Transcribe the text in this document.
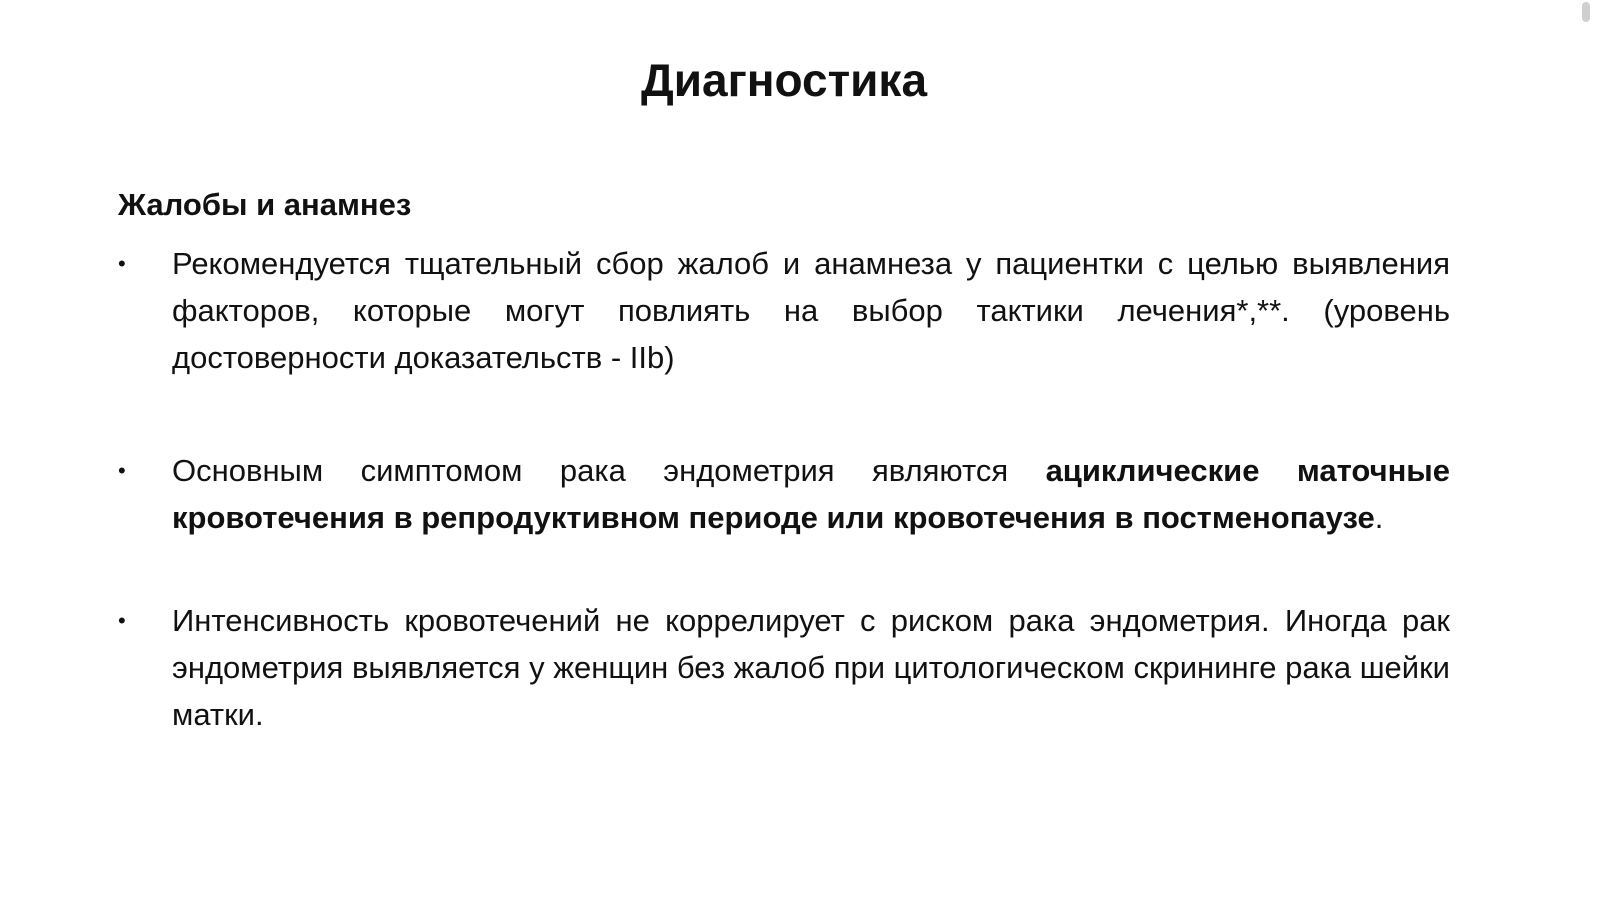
Диагностика
Жалобы и анамнез
•	Рекомендуется тщательный сбор жалоб и анамнеза у пациентки с целью выявления факторов, которые могут повлиять на выбор тактики лечения*,**. (уровень достоверности доказательств - IIb)
•	Основным симптомом рака эндометрия являются ациклические маточные кровотечения в репродуктивном периоде или кровотечения в постменопаузе.
•	Интенсивность кровотечений не коррелирует с риском рака эндометрия. Иногда рак эндометрия выявляется у женщин без жалоб при цитологическом скрининге рака шейки матки.
